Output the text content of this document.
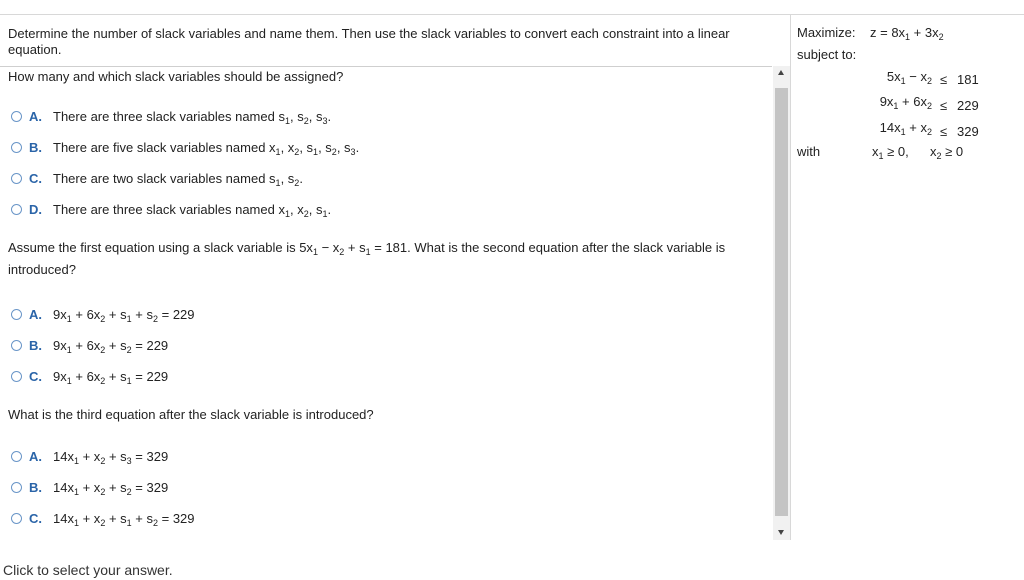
Determine the number of slack variables and name them. Then use the slack variables to convert each constraint into a linear equation.
How many and which slack variables should be assigned?
A. There are three slack variables named $s_1$, $s_2$, $s_3$.
B. There are five slack variables named $x_1$, $x_2$, $s_1$, $s_2$, $s_3$.
C. There are two slack variables named $s_1$, $s_2$.
D. There are three slack variables named $x_1$, $x_2$, $s_1$.
Assume the first equation using a slack variable is $5x_1 - x_2 + s_1 = 181$. What is the second equation after the slack variable is introduced?
A. $9x_1 + 6x_2 + s_1 + s_2 = 229$
B. $9x_1 + 6x_2 + s_2 = 229$
C. $9x_1 + 6x_2 + s_1 = 229$
What is the third equation after the slack variable is introduced?
A. $14x_1 + x_2 + s_3 = 329$
B. $14x_1 + x_2 + s_2 = 329$
C. $14x_1 + x_2 + s_1 + s_2 = 329$
Maximize: $z = 8x_1 + 3x_2$
subject to:
$5x_1 - x_2 \le 181$
$9x_1 + 6x_2 \le 229$
$14x_1 + x_2 \le 329$
with	$x_1 \ge 0$, $x_2 \ge 0$
Click to select your answer.
